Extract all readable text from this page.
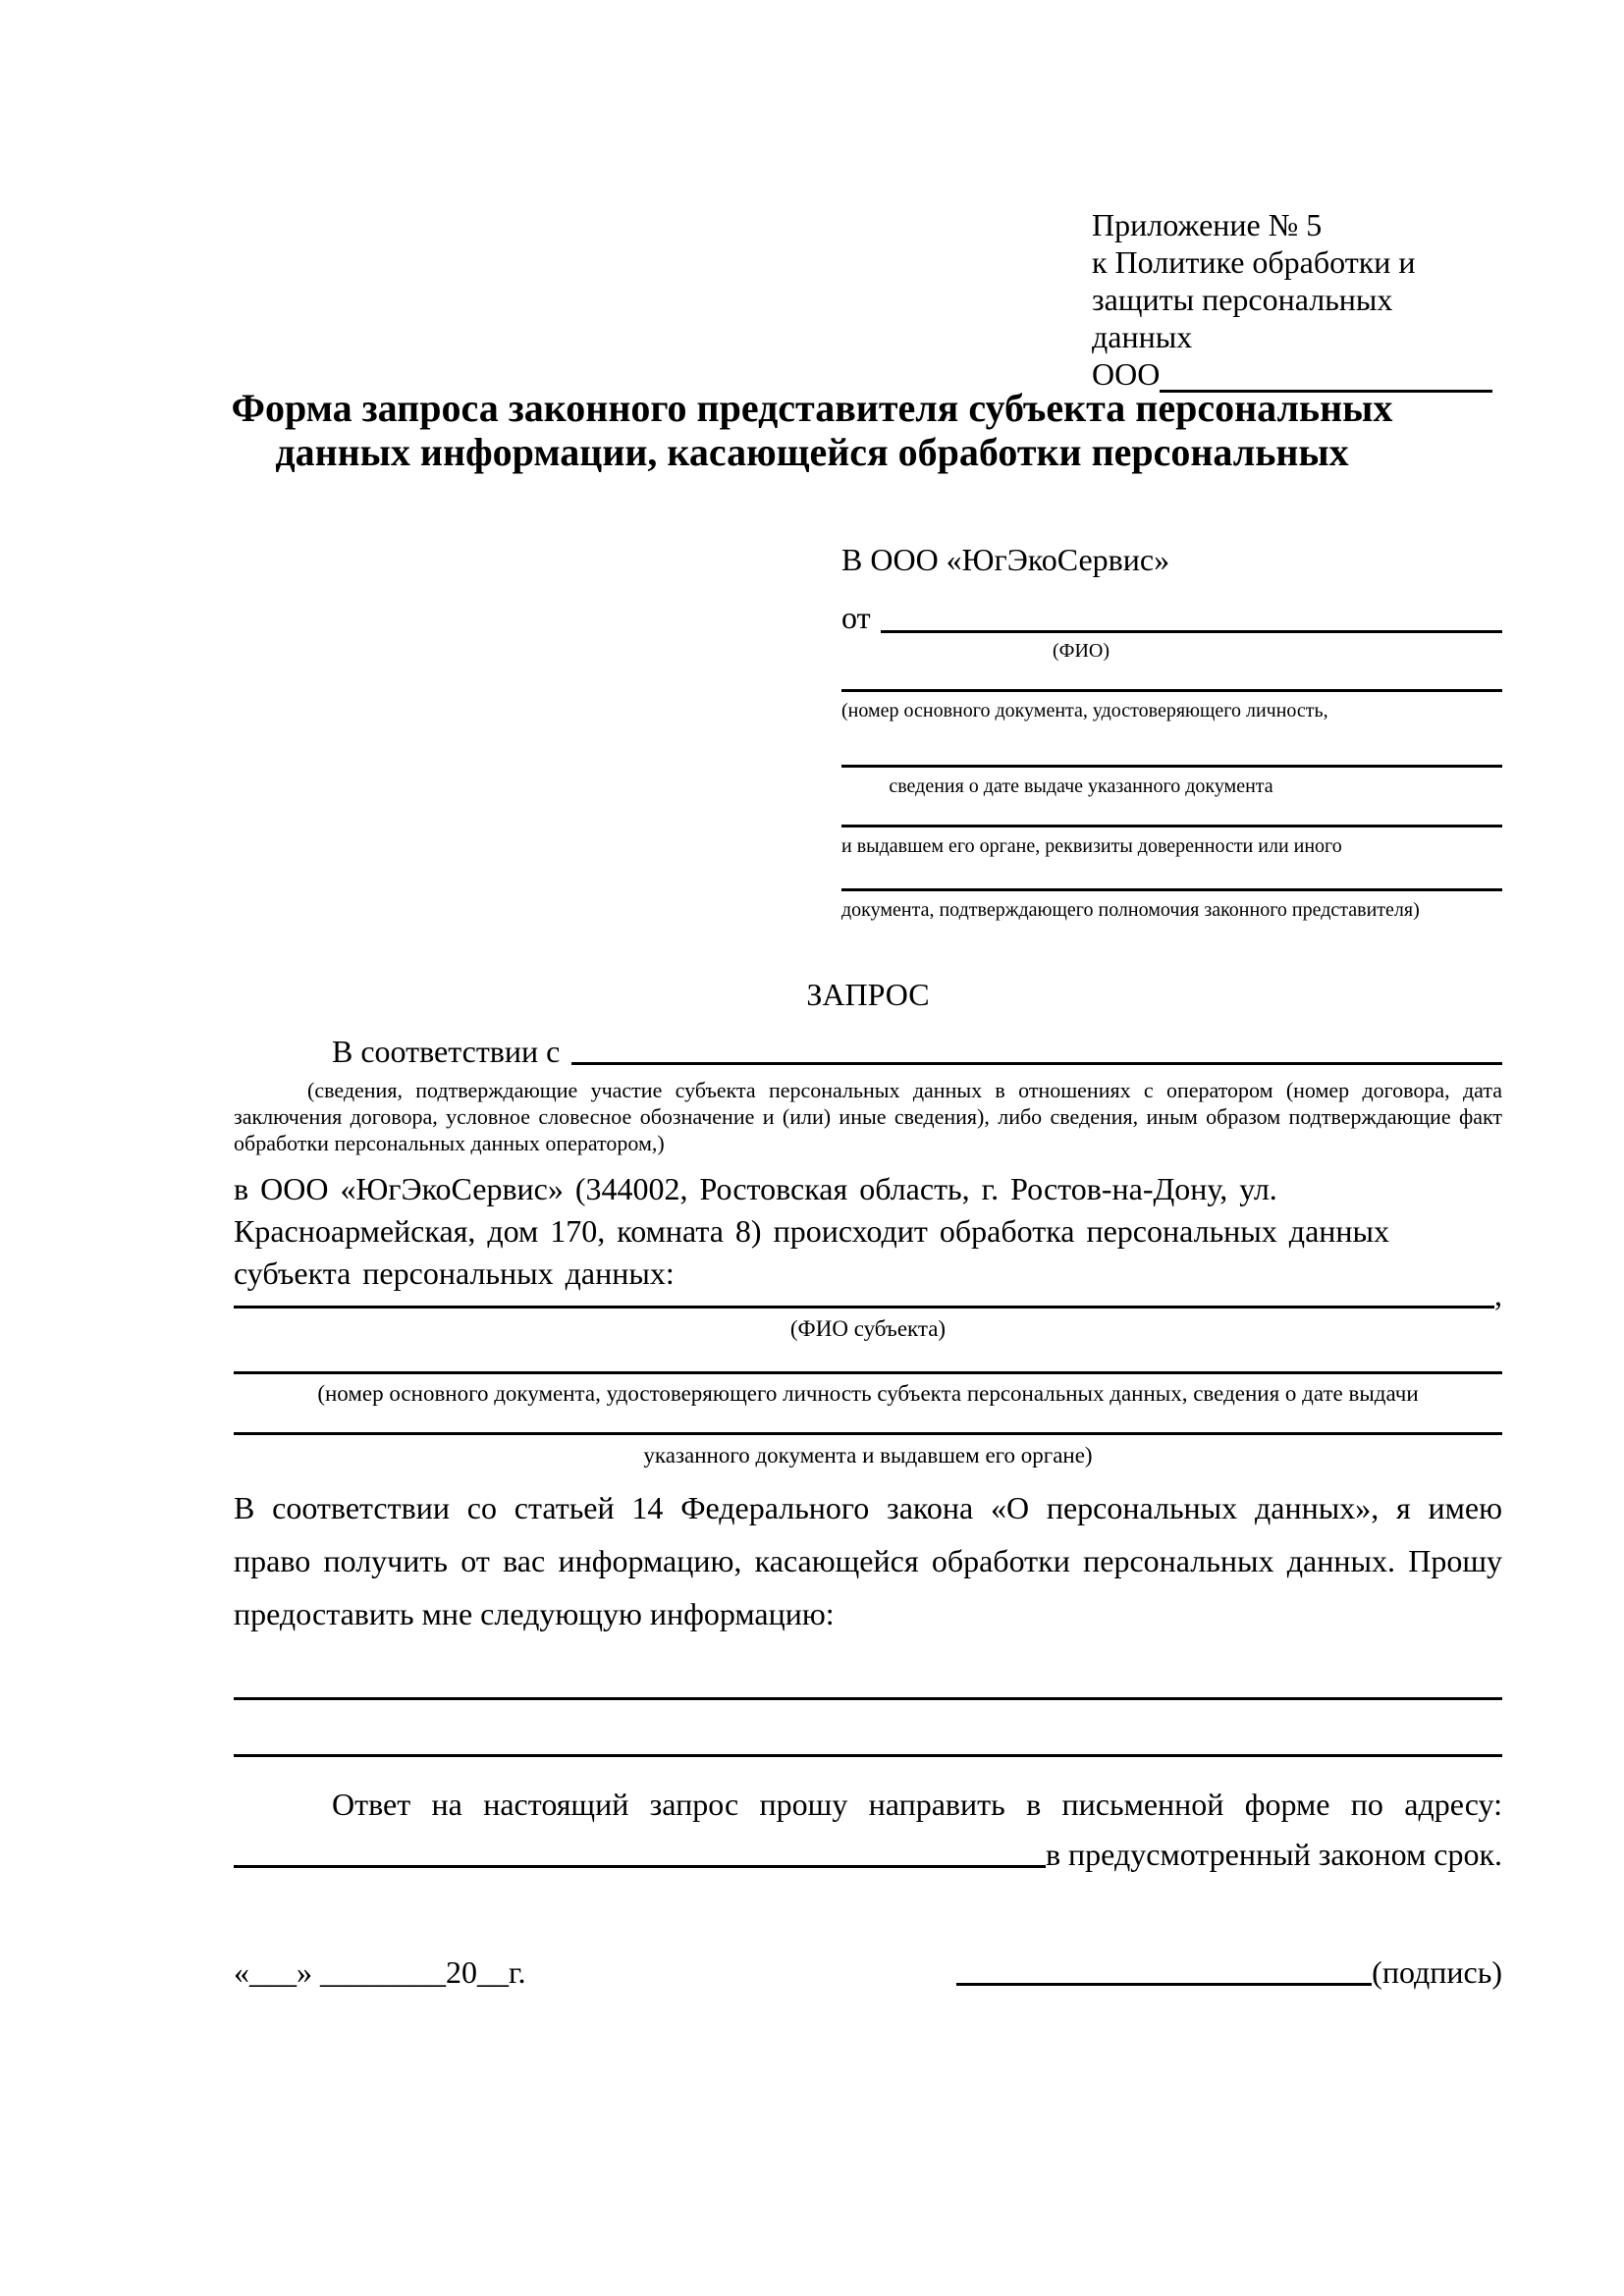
Приложение № 5
к Политике обработки и
защиты персональных данных
ООО
Форма запроса законного представителя субъекта персональных
данных информации, касающейся обработки персональных
В ООО «ЮгЭкоСервис»
от
(ФИО)
(номер основного документа, удостоверяющего личность,
сведения о дате выдаче указанного документа
и выдавшем его органе, реквизиты доверенности или иного
документа, подтверждающего полномочия законного представителя)
ЗАПРОС
В соответствии с
(сведения, подтверждающие участие субъекта персональных данных в отношениях с оператором (номер договора, дата
заключения договора, условное словесное обозначение и (или) иные сведения), либо сведения, иным образом подтверждающие факт
обработки персональных данных оператором,)
в ООО «ЮгЭкоСервис» (344002, Ростовская область, г. Ростов-на-Дону, ул.
Красноармейская, дом 170, комната 8) происходит обработка персональных данных
субъекта персональных данных:
,
(ФИО субъекта)
(номер основного документа, удостоверяющего личность субъекта персональных данных, сведения о дате выдачи
указанного документа и выдавшем его органе)
В соответствии со статьей 14 Федерального закона «О персональных данных», я имею
право получить от вас информацию, касающейся обработки персональных данных. Прошу
предоставить мне следующую информацию:
Ответ на настоящий запрос прошу направить в письменной форме по адресу:
в предусмотренный законом срок.
(подпись)
«___» ________20__г.
